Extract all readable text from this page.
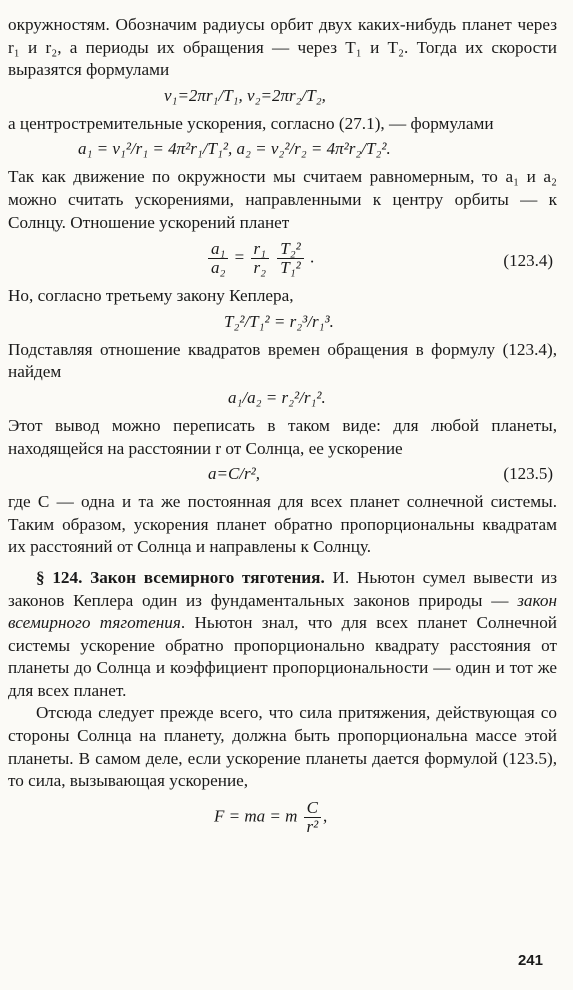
окружностям. Обозначим радиусы орбит двух каких-нибудь планет через r₁ и r₂, а периоды их обращения — через T₁ и T₂. Тогда их скорости выразятся формулами

v₁=2πr₁/T₁, v₂=2πr₂/T₂,

а центростремительные ускорения, согласно (27.1), — формулами

a₁ = v₁²/r₁ = 4π²r₁/T₁², a₂ = v₂²/r₂ = 4π²r₂/T₂².

Так как движение по окружности мы считаем равномерным, то a₁ и a₂ можно считать ускорениями, направленными к центру орбиты — к Солнцу. Отношение ускорений планет

$\frac{\text{a₁}}{\text{a₂}} = \frac{\text{r₁}}{\text{r₂}}$
$\frac{\text{T₂²}}{\text{T₁²}}$ .	(123.4)

Но, согласно третьему закону Кеплера,

T₂²/T₁² = r₂³/r₁³.

Подставляя отношение квадратов времен обращения в формулу (123.4), найдем

a₁/a₂ = r₂²/r₁².

Этот вывод можно переписать в таком виде: для любой планеты, находящейся на расстоянии r от Солнца, ее ускорение

a=C/r²,	(123.5)

где C — одна и та же постоянная для всех планет солнечной системы. Таким образом, ускорения планет обратно пропорциональны квадратам их расстояний от Солнца и направлены к Солнцу.

§ 124. Закон всемирного тяготения. И. Ньютон сумел вывести из законов Кеплера один из фундаментальных законов природы — закон всемирного тяготения. Ньютон знал, что для всех планет Солнечной системы ускорение обратно пропорционально квадрату расстояния от планеты до Солнца и коэффициент пропорциональности — один и тот же для всех планет.

Отсюда следует прежде всего, что сила притяжения, действующая со стороны Солнца на планету, должна быть пропорциональна массе этой планеты. В самом деле, если ускорение планеты дается формулой (123.5), то сила, вызывающая ускорение,

F = ma = m $\frac{C}{\text{r²}}$ ,
241
